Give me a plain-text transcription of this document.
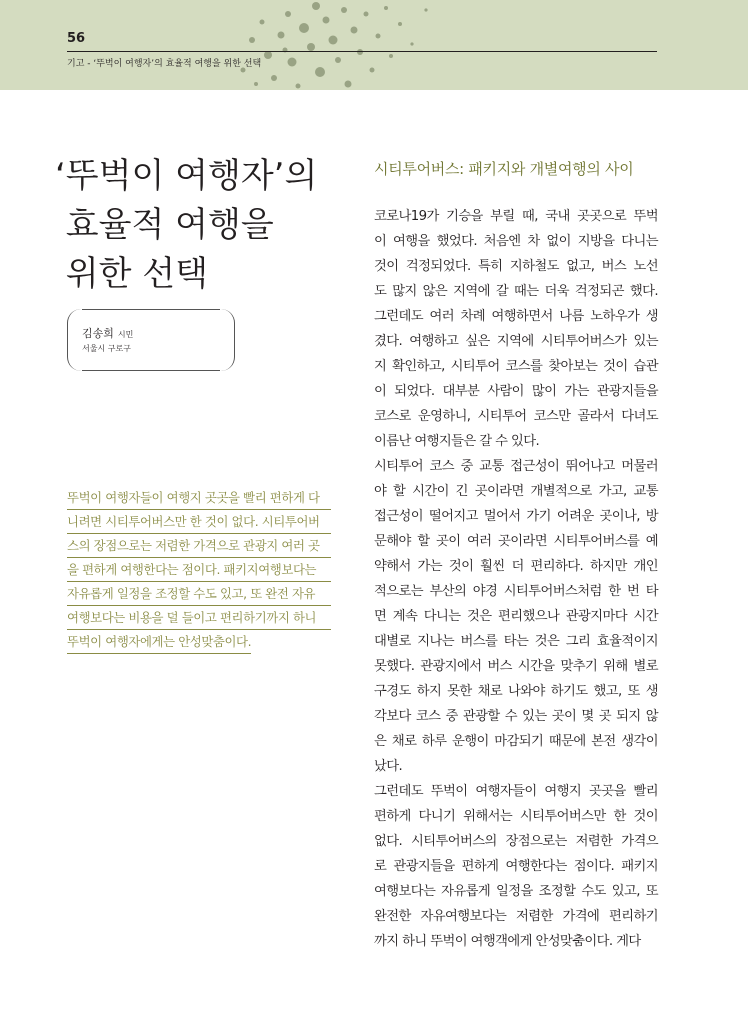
56
기고 - ‘뚜벅이 여행자’의 효율적 여행을 위한 선택
‘뚜벅이 여행자’의
효율적 여행을
위한 선택
김송희 시민
서울시 구로구
뚜벅이 여행자들이 여행지 곳곳을 빨리 편하게 다
니려면 시티투어버스만 한 것이 없다. 시티투어버
스의 장점으로는 저렴한 가격으로 관광지 여러 곳
을 편하게 여행한다는 점이다. 패키지여행보다는
자유롭게 일정을 조정할 수도 있고, 또 완전 자유
여행보다는 비용을 덜 들이고 편리하기까지 하니
뚜벅이 여행자에게는 안성맞춤이다.
시티투어버스: 패키지와 개별여행의 사이
코로나19가 기승을 부릴 때, 국내 곳곳으로 뚜벅
이 여행을 했었다. 처음엔 차 없이 지방을 다니는
것이 걱정되었다. 특히 지하철도 없고, 버스 노선
도 많지 않은 지역에 갈 때는 더욱 걱정되곤 했다.
그런데도 여러 차례 여행하면서 나름 노하우가 생
겼다. 여행하고 싶은 지역에 시티투어버스가 있는
지 확인하고, 시티투어 코스를 찾아보는 것이 습관
이 되었다. 대부분 사람이 많이 가는 관광지들을
코스로 운영하니, 시티투어 코스만 골라서 다녀도
이름난 여행지들은 갈 수 있다.
시티투어 코스 중 교통 접근성이 뛰어나고 머물러
야 할 시간이 긴 곳이라면 개별적으로 가고, 교통
접근성이 떨어지고 멀어서 가기 어려운 곳이나, 방
문해야 할 곳이 여러 곳이라면 시티투어버스를 예
약해서 가는 것이 훨씬 더 편리하다. 하지만 개인
적으로는 부산의 야경 시티투어버스처럼 한 번 타
면 계속 다니는 것은 편리했으나 관광지마다 시간
대별로 지나는 버스를 타는 것은 그리 효율적이지
못했다. 관광지에서 버스 시간을 맞추기 위해 별로
구경도 하지 못한 채로 나와야 하기도 했고, 또 생
각보다 코스 중 관광할 수 있는 곳이 몇 곳 되지 않
은 채로 하루 운행이 마감되기 때문에 본전 생각이
났다.
그런데도 뚜벅이 여행자들이 여행지 곳곳을 빨리
편하게 다니기 위해서는 시티투어버스만 한 것이
없다. 시티투어버스의 장점으로는 저렴한 가격으
로 관광지들을 편하게 여행한다는 점이다. 패키지
여행보다는 자유롭게 일정을 조정할 수도 있고, 또
완전한 자유여행보다는 저렴한 가격에 편리하기
까지 하니 뚜벅이 여행객에게 안성맞춤이다. 게다
